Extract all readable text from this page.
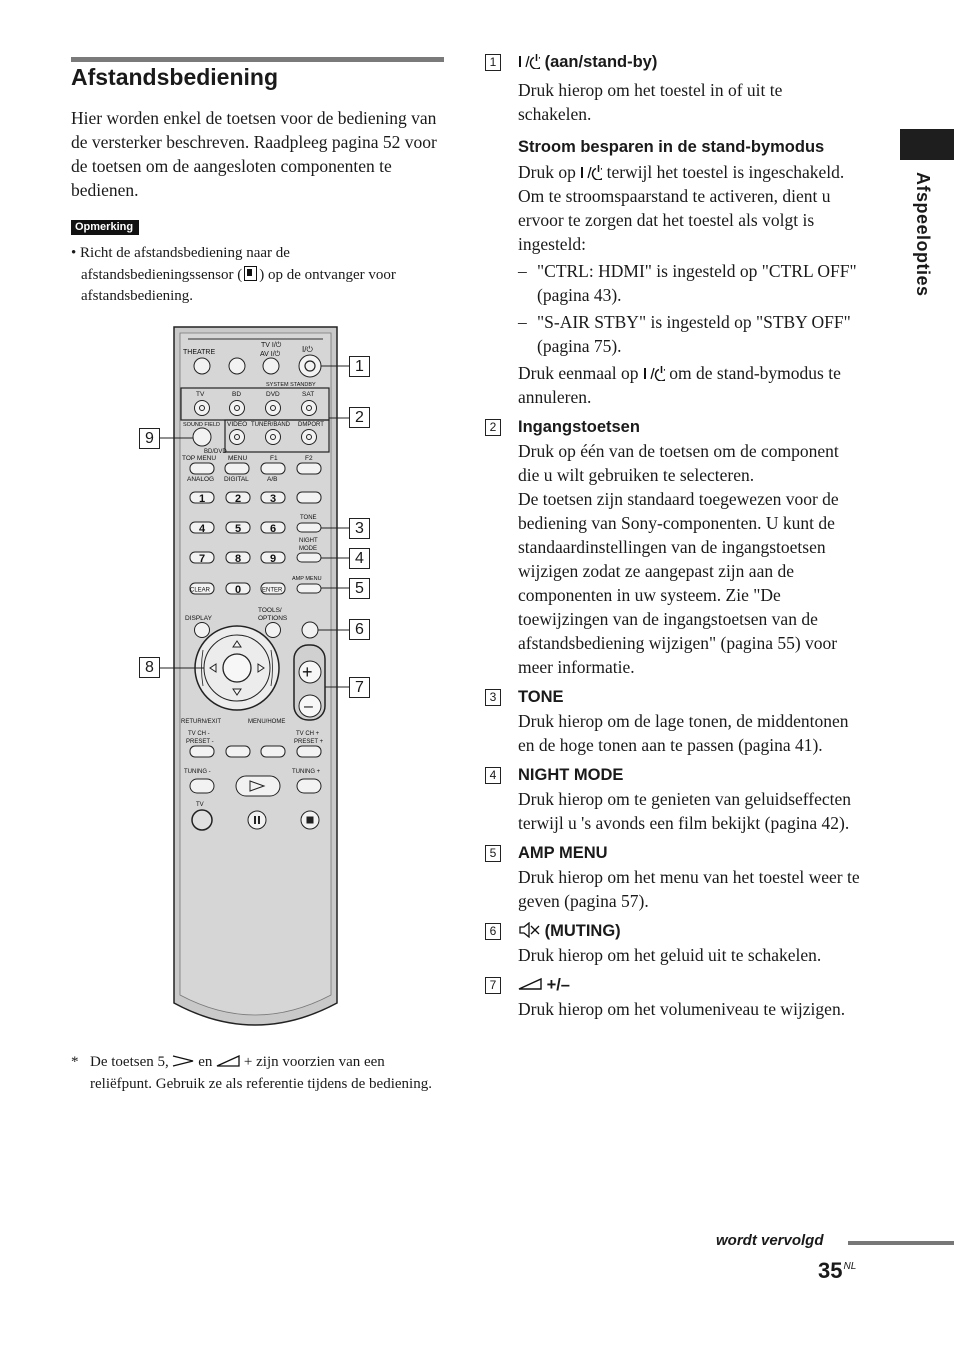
Afstandsbediening

Hier worden enkel de toetsen voor de bediening van de versterker beschreven. Raadpleeg pagina 52 voor de toetsen om de aangesloten componenten te bedienen.

Opmerking

• Richt de afstandsbediening naar de afstandsbedieningssensor ( ) op de ontvanger voor afstandsbediening.

THEATRE
TV I/⏻
AV I/⏻
I/⏻
SYSTEM STANDBY
TV	BD	DVD	SAT
SOUND FIELD VIDEO TUNER/BAND DMPORT
BD/DVD
TOP MENU MENU	F1	F2
ANALOG DIGITAL	A/B
1	2	3
4	5	6
7	8	9
0
CLEAR	ENTER
TONE
NIGHT
MODE
AMP MENU
DISPLAY
TOOLS/
OPTIONS
+
–
RETURN/EXIT	MENU/HOME
TV CH -
PRESET -
TV CH +
PRESET +
TUNING -	TUNING +
TV
1
2
3
4
5
6
7
8
9

* De toetsen 5,  en  + zijn voorzien van een reliëfpunt. Gebruik ze als referentie tijdens de bediening.

1	(aan/stand-by)

Druk hierop om het toestel in of uit te schakelen.

Stroom besparen in de stand-bymodus

Druk op  terwijl het toestel is ingeschakeld.

Om te stroomspaarstand te activeren, dient u ervoor te zorgen dat het toestel als volgt is ingesteld:

– "CTRL: HDMI" is ingesteld op "CTRL OFF" (pagina 43).

– "S-AIR STBY" is ingesteld op "STBY OFF" (pagina 75).

Druk eenmaal op  om de stand-bymodus te annuleren.

2 Ingangstoetsen

Druk op één van de toetsen om de component die u wilt gebruiken te selecteren.

De toetsen zijn standaard toegewezen voor de bediening van Sony-componenten. U kunt de standaardinstellingen van de ingangstoetsen wijzigen zodat ze aangepast zijn aan de componenten in uw systeem. Zie "De toewijzingen van de ingangstoetsen van de afstandsbediening wijzigen" (pagina 55) voor meer informatie.

3 TONE

Druk hierop om de lage tonen, de middentonen en de hoge tonen aan te passen (pagina 41).

4 NIGHT MODE

Druk hierop om te genieten van geluidseffecten terwijl u 's avonds een film bekijkt (pagina 42).

5 AMP MENU

Druk hierop om het menu van het toestel weer te geven (pagina 57).

6	(MUTING)

Druk hierop om het geluid uit te schakelen.

7	+/–

Druk hierop om het volumeniveau te wijzigen.

Afspeelopties
wordt vervolgd
$35^{NL}$
